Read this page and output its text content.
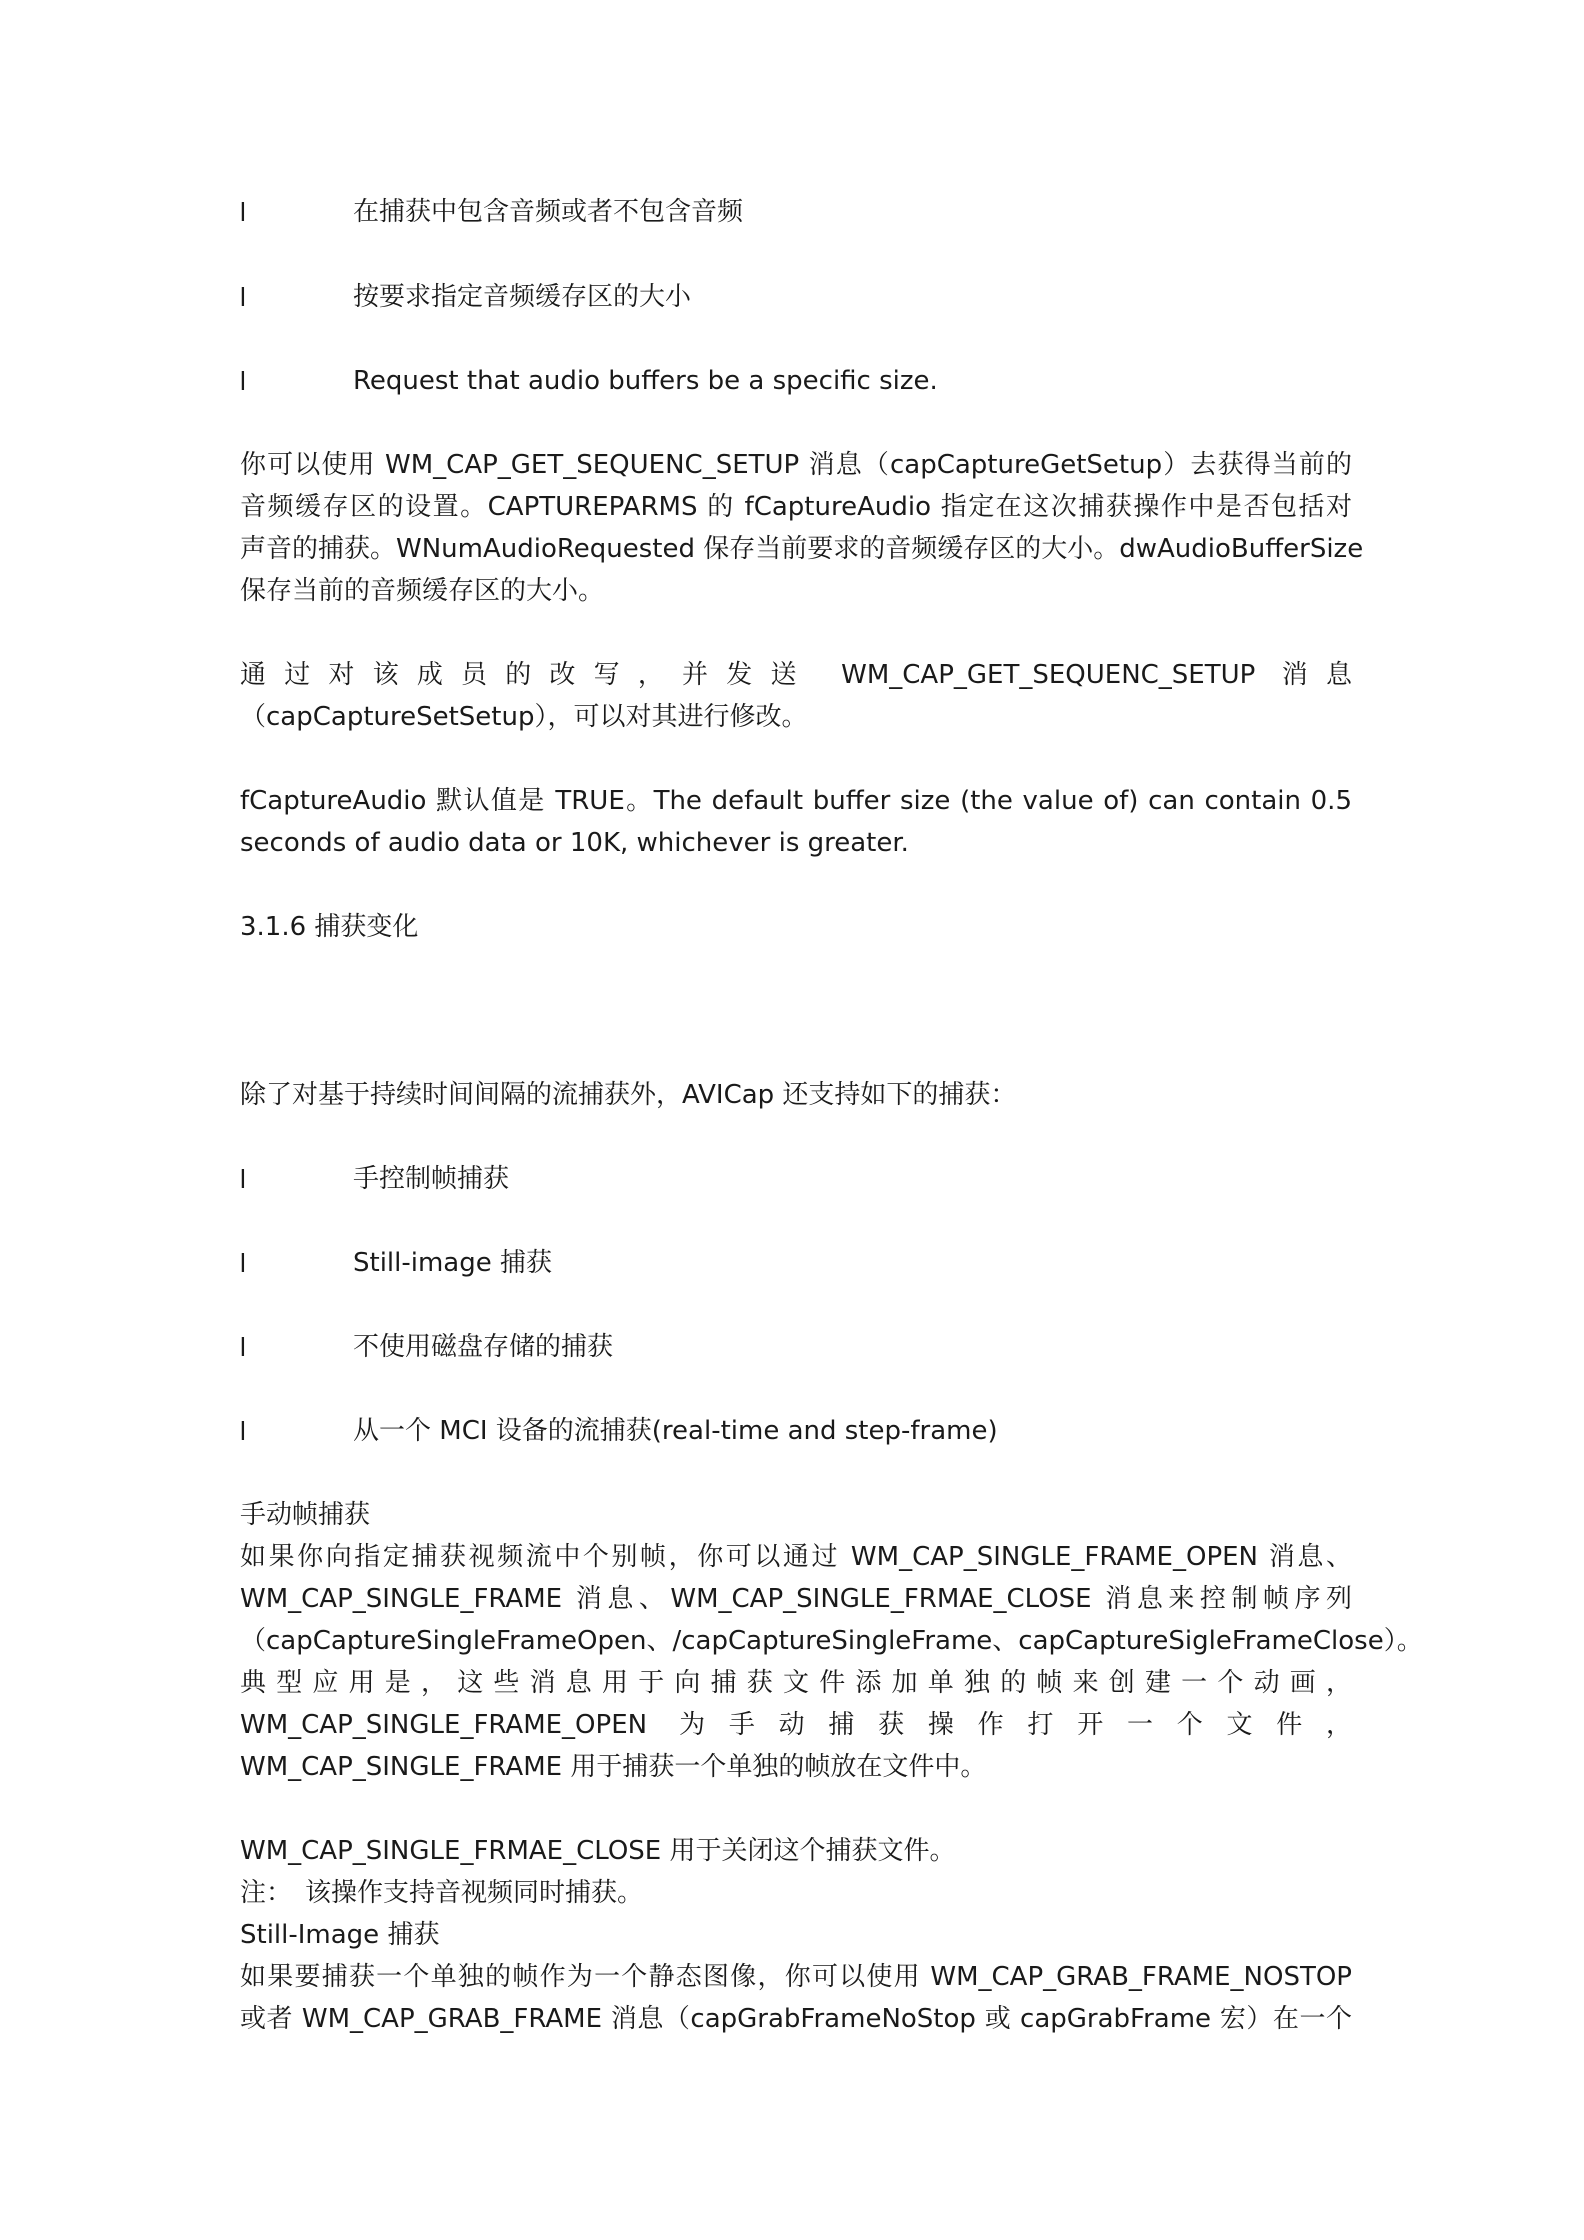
l	在捕获中包含音频或者不包含音频
l	按要求指定音频缓存区的大小
l	Request that audio buffers be a specific size.
你可以使用 WM_CAP_GET_SEQUENC_SETUP 消息（capCaptureGetSetup）去获得当前的
音频缓存区的设置。CAPTUREPARMS 的 fCaptureAudio 指定在这次捕获操作中是否包括对
声音的捕获。WNumAudioRequested 保存当前要求的音频缓存区的大小。dwAudioBufferSize
保存当前的音频缓存区的大小。
通过对该成员的改写，并发送 WM_CAP_GET_SEQUENC_SETUP 消息
（capCaptureSetSetup），可以对其进行修改。
fCaptureAudio 默认值是 TRUE。The default buffer size (the value of) can contain 0.5
seconds of audio data or 10K, whichever is greater.
3.1.6 捕获变化
除了对基于持续时间间隔的流捕获外，AVICap 还支持如下的捕获：
l	手控制帧捕获
l	Still-image 捕获
l	不使用磁盘存储的捕获
l	从一个 MCI 设备的流捕获(real-time and step-frame)
手动帧捕获
如果你向指定捕获视频流中个别帧，你可以通过 WM_CAP_SINGLE_FRAME_OPEN 消息、
WM_CAP_SINGLE_FRAME 消息、WM_CAP_SINGLE_FRMAE_CLOSE 消息来控制帧序列
（capCaptureSingleFrameOpen、/capCaptureSingleFrame、capCaptureSigleFrameClose）。
典型应用是，这些消息用于向捕获文件添加单独的帧来创建一个动画，
WM_CAP_SINGLE_FRAME_OPEN 为手动捕获操作打开一个文件，
WM_CAP_SINGLE_FRAME 用于捕获一个单独的帧放在文件中。
WM_CAP_SINGLE_FRMAE_CLOSE 用于关闭这个捕获文件。
注：　该操作支持音视频同时捕获。
Still-Image 捕获
如果要捕获一个单独的帧作为一个静态图像，你可以使用 WM_CAP_GRAB_FRAME_NOSTOP
或者 WM_CAP_GRAB_FRAME 消息（capGrabFrameNoStop 或 capGrabFrame 宏）在一个
